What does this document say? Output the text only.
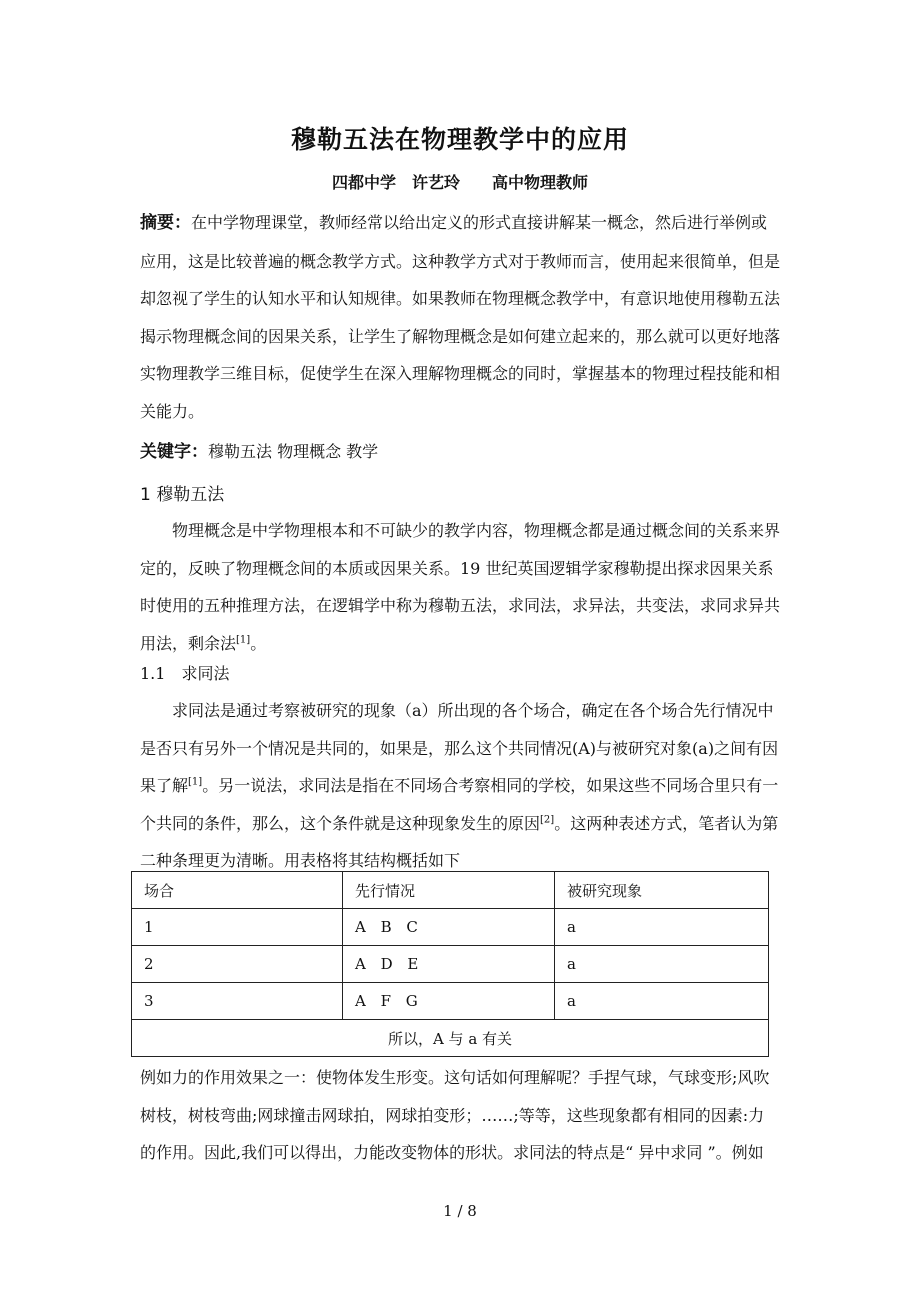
穆勒五法在物理教学中的应用
四都中学　许艺玲　　高中物理教师
摘要：在中学物理课堂，教师经常以给出定义的形式直接讲解某一概念，然后进行举例或应用，这是比较普遍的概念教学方式。这种教学方式对于教师而言，使用起来很简单，但是却忽视了学生的认知水平和认知规律。如果教师在物理概念教学中，有意识地使用穆勒五法揭示物理概念间的因果关系，让学生了解物理概念是如何建立起来的，那么就可以更好地落实物理教学三维目标，促使学生在深入理解物理概念的同时，掌握基本的物理过程技能和相关能力。
关键字：穆勒五法 物理概念 教学
1 穆勒五法
物理概念是中学物理根本和不可缺少的教学内容，物理概念都是通过概念间的关系来界定的，反映了物理概念间的本质或因果关系。19 世纪英国逻辑学家穆勒提出探求因果关系时使用的五种推理方法，在逻辑学中称为穆勒五法，求同法，求异法，共变法，求同求异共用法，剩余法[1]。
1.1　求同法
求同法是通过考察被研究的现象（a）所出现的各个场合，确定在各个场合先行情况中是否只有另外一个情况是共同的，如果是，那么这个共同情况(A)与被研究对象(a)之间有因果了解[1]。另一说法，求同法是指在不同场合考察相同的学校，如果这些不同场合里只有一个共同的条件，那么，这个条件就是这种现象发生的原因[2]。这两种表述方式，笔者认为第二种条理更为清晰。用表格将其结构概括如下
场合	先行情况	被研究现象
1	A B C	a
2	A D E	a
3	A F G	a
所以，A 与 a 有关		
例如力的作用效果之一：使物体发生形变。这句话如何理解呢？手捏气球，气球变形;风吹树枝，树枝弯曲;网球撞击网球拍，网球拍变形；……;等等，这些现象都有相同的因素:力的作用。因此,我们可以得出，力能改变物体的形状。求同法的特点是“ 异中求同 ”。例如
1 / 8
